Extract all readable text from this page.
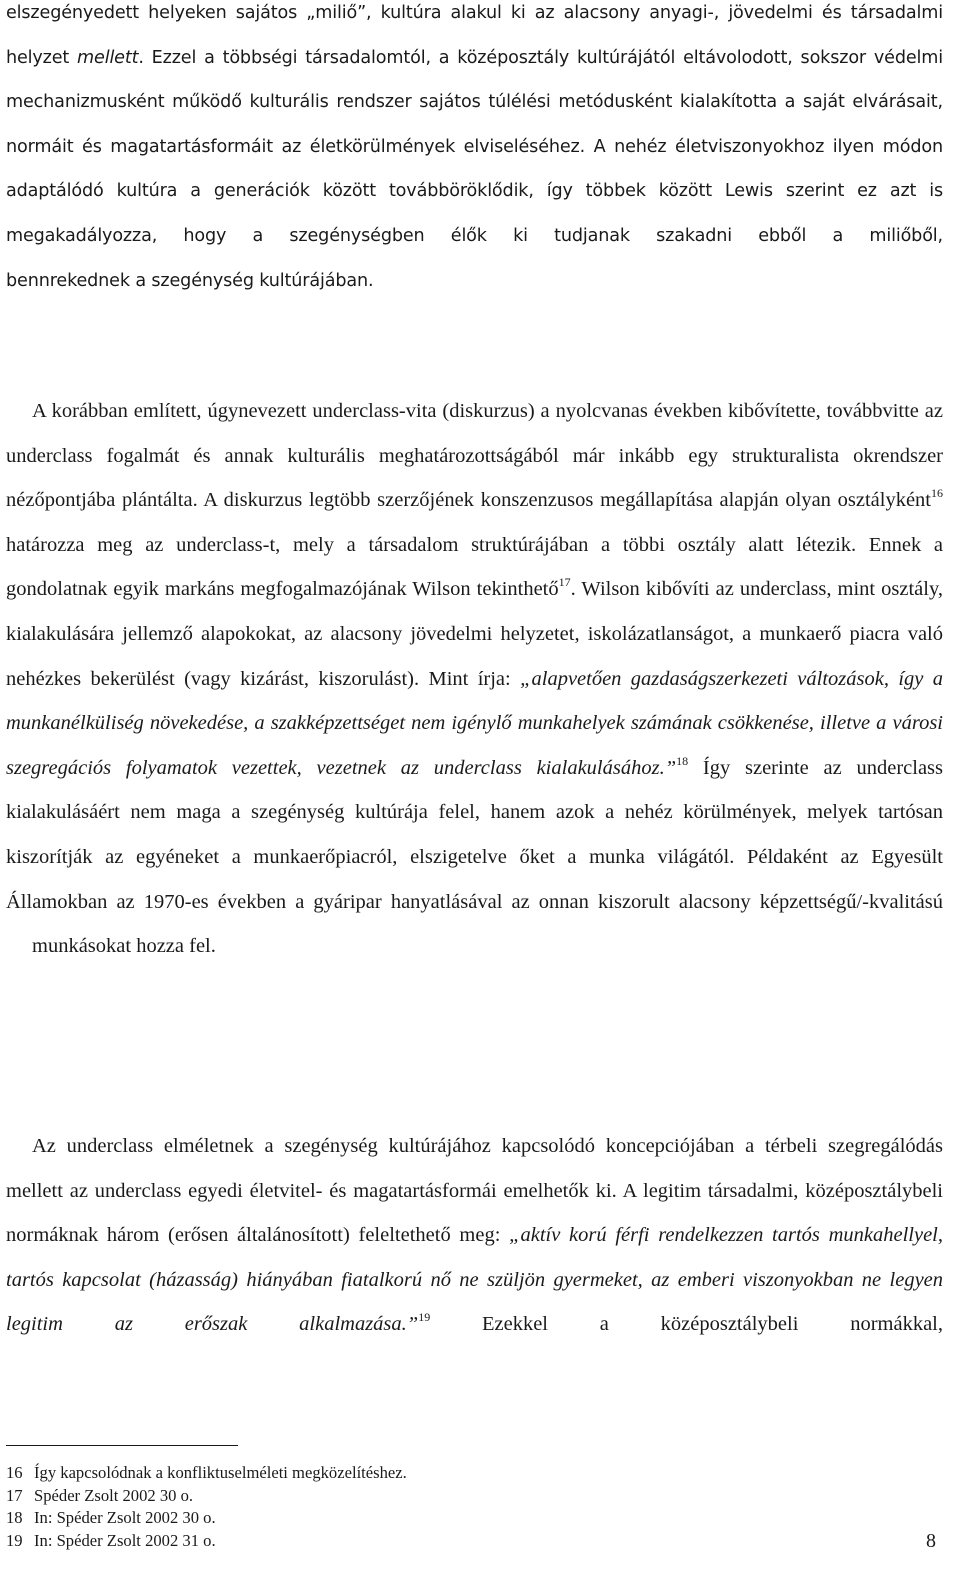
elszegényedett helyeken sajátos „miliő”, kultúra alakul ki az alacsony anyagi-, jövedelmi és társadalmi helyzet mellett. Ezzel a többségi társadalomtól, a középosztály kultúrájától eltávolodott, sokszor védelmi mechanizmusként működő kulturális rendszer sajátos túlélési metódusként kialakította a saját elvárásait, normáit és magatartásformáit az életkörülmények elviseléséhez. A nehéz életviszonyokhoz ilyen módon adaptálódó kultúra a generációk között továbböröklődik, így többek között Lewis szerint ez azt is megakadályozza, hogy a szegénységben élők ki tudjanak szakadni ebből a miliőből,
bennrekednek a szegénység kultúrájában.
A korábban említett, úgynevezett underclass-vita (diskurzus) a nyolcvanas években kibővítette, továbbvitte az underclass fogalmát és annak kulturális meghatározottságából már inkább egy strukturalista okrendszer nézőpontjába plántálta. A diskurzus legtöbb szerzőjének konszenzusos megállapítása alapján olyan osztályként$^{16}$ határozza meg az underclass-t, mely a társadalom struktúrájában a többi osztály alatt létezik. Ennek a gondolatnak egyik markáns megfogalmazójának Wilson tekinthető$^{17}$. Wilson kibővíti az underclass, mint osztály, kialakulására jellemző alapokokat, az alacsony jövedelmi helyzetet, iskolázatlanságot, a munkaerő piacra való nehézkes bekerülést (vagy kizárást, kiszorulást). Mint írja: „alapvetően gazdaságszerkezeti változások, így a munkanélküliség növekedése, a szakképzettséget nem igénylő munkahelyek számának csökkenése, illetve a városi szegregációs folyamatok vezettek, vezetnek az underclass kialakulásához.”$^{18}$ Így szerinte az underclass kialakulásáért nem maga a szegénység kultúrája felel, hanem azok a nehéz körülmények, melyek tartósan kiszorítják az egyéneket a munkaerőpiacról, elszigetelve őket a munka világától. Példaként az Egyesült Államokban az 1970-es években a gyáripar hanyatlásával az onnan kiszorult alacsony képzettségű/-kvalitású
munkásokat hozza fel.
Az underclass elméletnek a szegénység kultúrájához kapcsolódó koncepciójában a térbeli szegregálódás mellett az underclass egyedi életvitel- és magatartásformái emelhetők ki. A legitim társadalmi, középosztálybeli normáknak három (erősen általánosított) feleltethető meg: „aktív korú férfi rendelkezzen tartós munkahellyel, tartós kapcsolat (házasság) hiányában fiatalkorú nő ne szüljön gyermeket, az emberi viszonyokban ne legyen legitim az erőszak alkalmazása.”$^{19}$ Ezekkel a középosztálybeli normákkal,
16 Így kapcsolódnak a konfliktuselméleti megközelítéshez.
17 Spéder Zsolt 2002 30 o.
18 In: Spéder Zsolt 2002 30 o.
19 In: Spéder Zsolt 2002 31 o.	8
